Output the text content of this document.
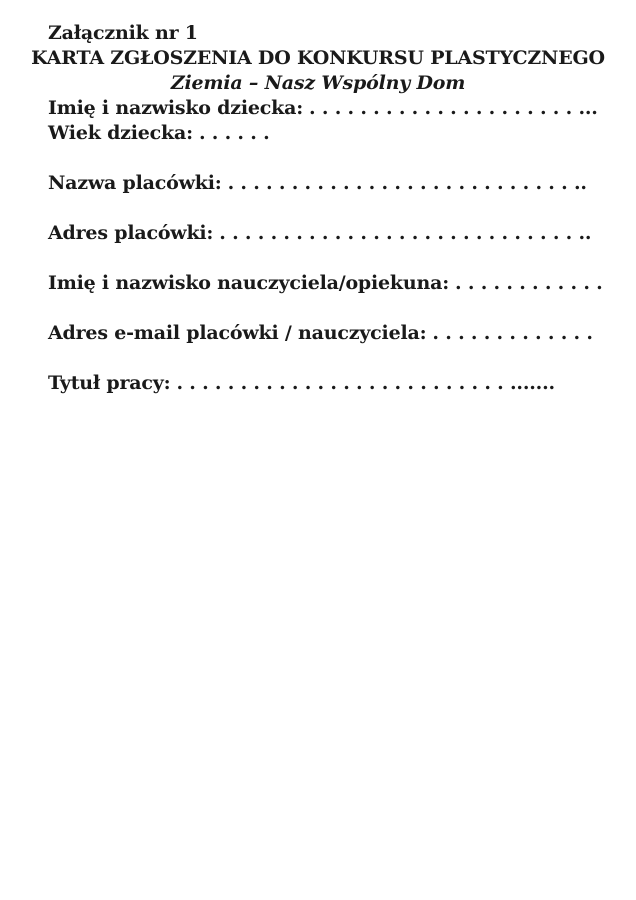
Załącznik nr 1
KARTA ZGŁOSZENIA DO KONKURSU PLASTYCZNEGO
Ziemia – Nasz Wspólny Dom
Imię i nazwisko dziecka: . . . . . . . . . . . . . . . . . . . . . ...
Wiek dziecka: . . . . . .
Nazwa placówki: . . . . . . . . . . . . . . . . . . . . . . . . . . . ..
Adres placówki: . . . . . . . . . . . . . . . . . . . . . . . . . . . . ..
Imię i nazwisko nauczyciela/opiekuna: . . . . . . . . . . . .
Adres e-mail placówki / nauczyciela: . . . . . . . . . . . . .
Tytuł pracy: . . . . . . . . . . . . . . . . . . . . . . . . . . .......
